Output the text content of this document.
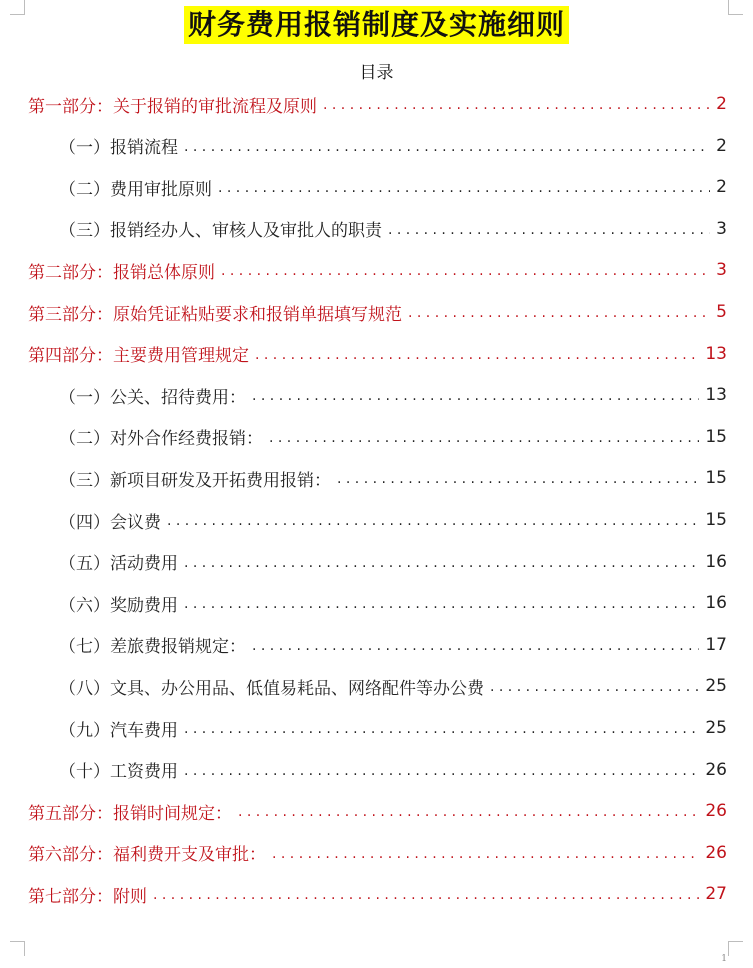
财务费用报销制度及实施细则
目录
第一部分：关于报销的审批流程及原则 . . .	2
（一）报销流程 . . .	2
（二）费用审批原则 . . .	2
（三）报销经办人、审核人及审批人的职责 . . .	3
第二部分：报销总体原则 . . .	3
第三部分：原始凭证粘贴要求和报销单据填写规范 . . .	5
第四部分：主要费用管理规定 . . .	13
（一）公关、招待费用： . . .	13
（二）对外合作经费报销： . . .	15
（三）新项目研发及开拓费用报销： . . .	15
（四）会议费 . . .	15
（五）活动费用 . . .	16
（六）奖励费用 . . .	16
（七）差旅费报销规定： . . .	17
（八）文具、办公用品、低值易耗品、网络配件等办公费 . . .	25
（九）汽车费用 . . .	25
（十）工资费用 . . .	26
第五部分：报销时间规定： . . .	26
第六部分：福利费开支及审批： . . .	26
第七部分：附则 . . .	27
1
